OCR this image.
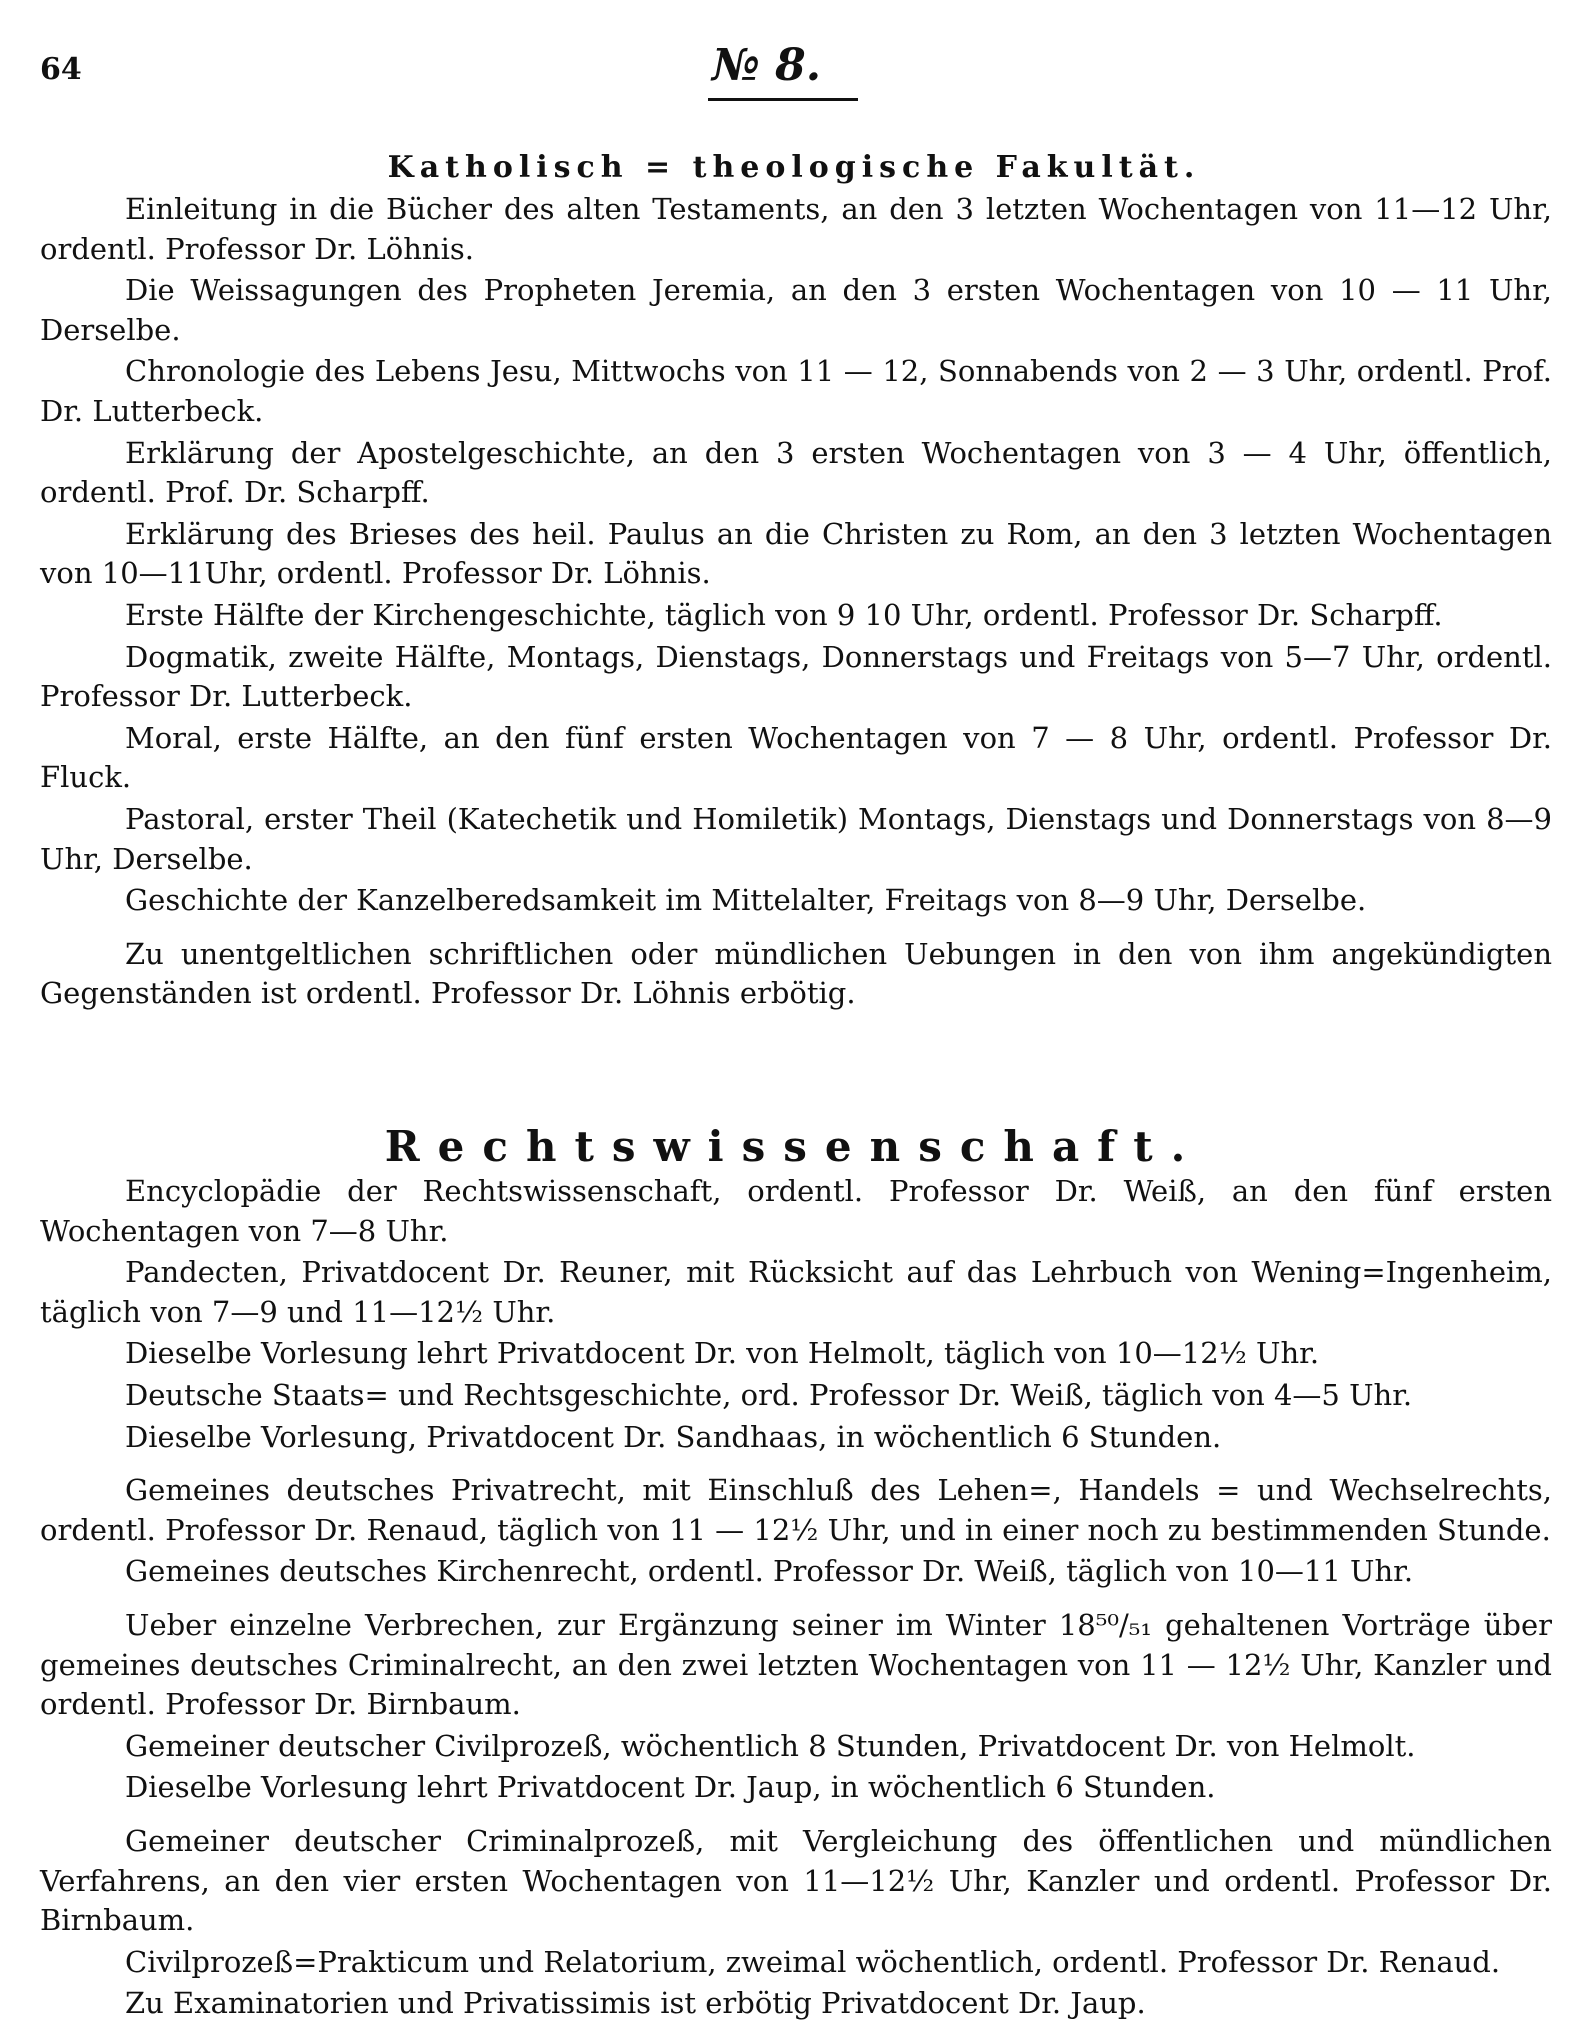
64	№ 8.
Katholisch = theologische Fakultät.

Einleitung in die Bücher des alten Testaments, an den 3 letzten Wochentagen von 11—12 Uhr, ordentl. Professor Dr. Löhnis.

Die Weissagungen des Propheten Jeremia, an den 3 ersten Wochentagen von 10 — 11 Uhr, Derselbe.

Chronologie des Lebens Jesu, Mittwochs von 11 — 12, Sonnabends von 2 — 3 Uhr, ordentl. Prof. Dr. Lutterbeck.

Erklärung der Apostelgeschichte, an den 3 ersten Wochentagen von 3 — 4 Uhr, öffentlich, ordentl. Prof. Dr. Scharpff.

Erklärung des Brieses des heil. Paulus an die Christen zu Rom, an den 3 letzten Wochentagen von 10—11Uhr, ordentl. Professor Dr. Löhnis.

Erste Hälfte der Kirchengeschichte, täglich von 9 10 Uhr, ordentl. Professor Dr. Scharpff.

Dogmatik, zweite Hälfte, Montags, Dienstags, Donnerstags und Freitags von 5—7 Uhr, ordentl. Professor Dr. Lutterbeck.

Moral, erste Hälfte, an den fünf ersten Wochentagen von 7 — 8 Uhr, ordentl. Professor Dr. Fluck.

Pastoral, erster Theil (Katechetik und Homiletik) Montags, Dienstags und Donnerstags von 8—9 Uhr, Derselbe.

Geschichte der Kanzelberedsamkeit im Mittelalter, Freitags von 8—9 Uhr, Derselbe.

Zu unentgeltlichen schriftlichen oder mündlichen Uebungen in den von ihm angekündigten Gegenständen ist ordentl. Professor Dr. Löhnis erbötig.

Rechtswissenschaft.

Encyclopädie der Rechtswissenschaft, ordentl. Professor Dr. Weiß, an den fünf ersten Wochentagen von 7—8 Uhr.

Pandecten, Privatdocent Dr. Reuner, mit Rücksicht auf das Lehrbuch von Wening=Ingenheim, täglich von 7—9 und 11—12½ Uhr.

Dieselbe Vorlesung lehrt Privatdocent Dr. von Helmolt, täglich von 10—12½ Uhr.

Deutsche Staats= und Rechtsgeschichte, ord. Professor Dr. Weiß, täglich von 4—5 Uhr.

Dieselbe Vorlesung, Privatdocent Dr. Sandhaas, in wöchentlich 6 Stunden.

Gemeines deutsches Privatrecht, mit Einschluß des Lehen=, Handels = und Wechselrechts, ordentl. Professor Dr. Renaud, täglich von 11 — 12½ Uhr, und in einer noch zu bestimmenden Stunde.

Gemeines deutsches Kirchenrecht, ordentl. Professor Dr. Weiß, täglich von 10—11 Uhr.

Ueber einzelne Verbrechen, zur Ergänzung seiner im Winter 18⁵⁰/₅₁ gehaltenen Vorträge über gemeines deutsches Criminalrecht, an den zwei letzten Wochentagen von 11 — 12½ Uhr, Kanzler und ordentl. Professor Dr. Birnbaum.

Gemeiner deutscher Civilprozeß, wöchentlich 8 Stunden, Privatdocent Dr. von Helmolt.

Dieselbe Vorlesung lehrt Privatdocent Dr. Jaup, in wöchentlich 6 Stunden.

Gemeiner deutscher Criminalprozeß, mit Vergleichung des öffentlichen und mündlichen Verfahrens, an den vier ersten Wochentagen von 11—12½ Uhr, Kanzler und ordentl. Professor Dr. Birnbaum.

Civilprozeß=Prakticum und Relatorium, zweimal wöchentlich, ordentl. Professor Dr. Renaud.

Zu Examinatorien und Privatissimis ist erbötig Privatdocent Dr. Jaup.
